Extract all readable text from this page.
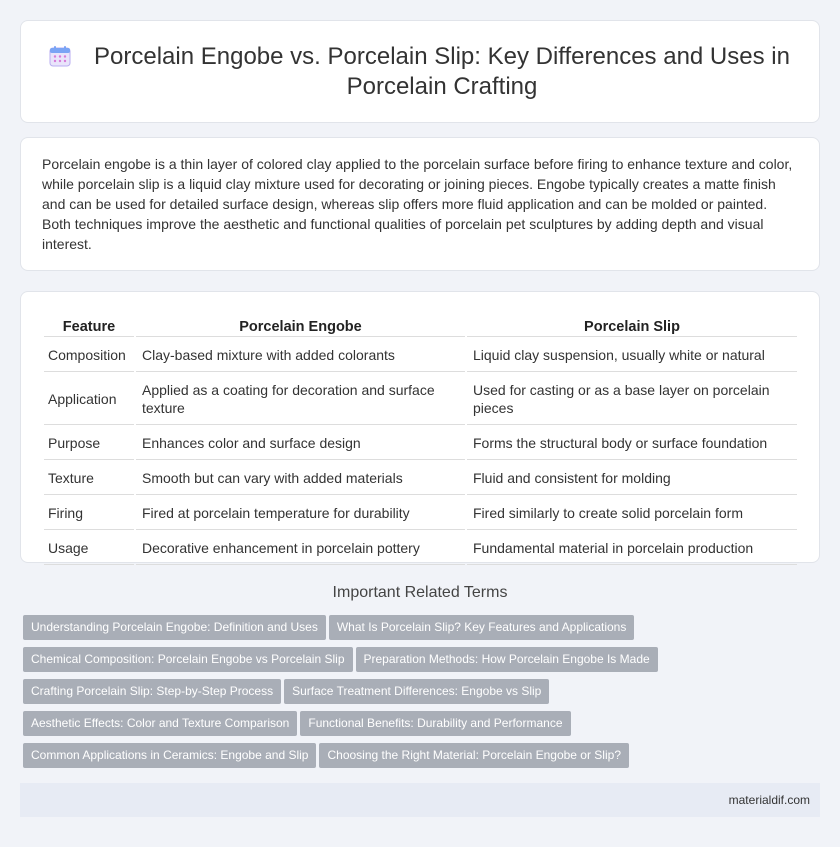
Porcelain Engobe vs. Porcelain Slip: Key Differences and Uses in Porcelain Crafting

Porcelain engobe is a thin layer of colored clay applied to the porcelain surface before firing to enhance texture and color, while porcelain slip is a liquid clay mixture used for decorating or joining pieces. Engobe typically creates a matte finish and can be used for detailed surface design, whereas slip offers more fluid application and can be molded or painted. Both techniques improve the aesthetic and functional qualities of porcelain pet sculptures by adding depth and visual interest.

Feature	Porcelain Engobe	Porcelain Slip
Composition	Clay-based mixture with added colorants	Liquid clay suspension, usually white or natural
Application	Applied as a coating for decoration and surface texture	Used for casting or as a base layer on porcelain pieces
Purpose	Enhances color and surface design	Forms the structural body or surface foundation
Texture	Smooth but can vary with added materials	Fluid and consistent for molding
Firing	Fired at porcelain temperature for durability	Fired similarly to create solid porcelain form
Usage	Decorative enhancement in porcelain pottery	Fundamental material in porcelain production
Important Related Terms
Understanding Porcelain Engobe: Definition and Uses What Is Porcelain Slip? Key Features and Applications
Chemical Composition: Porcelain Engobe vs Porcelain Slip Preparation Methods: How Porcelain Engobe Is Made
Crafting Porcelain Slip: Step-by-Step Process Surface Treatment Differences: Engobe vs Slip
Aesthetic Effects: Color and Texture Comparison Functional Benefits: Durability and Performance
Common Applications in Ceramics: Engobe and Slip Choosing the Right Material: Porcelain Engobe or Slip?
materialdif.com
